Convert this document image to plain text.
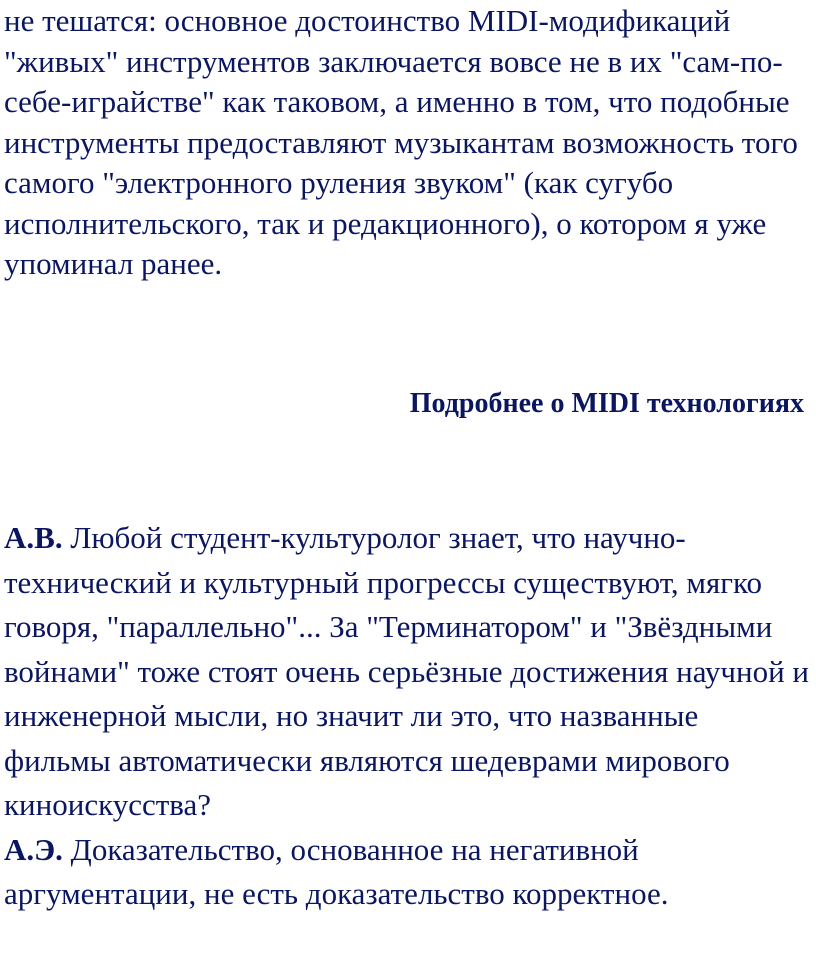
не тешатся: основное достоинство MIDI-модификаций "живых" инструментов заключается вовсе не в их "сам-по-себе-играйстве" как таковом, а именно в том, что подобные инструменты предоставляют музыкантам возможность того самого "электронного руления звуком" (как сугубо исполнительского, так и редакционного), о котором я уже упоминал ранее.

Подробнее о MIDI технологиях

А.В. Любой студент-культуролог знает, что научно-технический и культурный прогрессы существуют, мягко говоря, "параллельно"... За "Терминатором" и "Звёздными войнами" тоже стоят очень серьёзные достижения научной и инженерной мысли, но значит ли это, что названные фильмы автоматически являются шедеврами мирового киноискусства?

А.Э. Доказательство, основанное на негативной аргументации, не есть доказательство корректное.
